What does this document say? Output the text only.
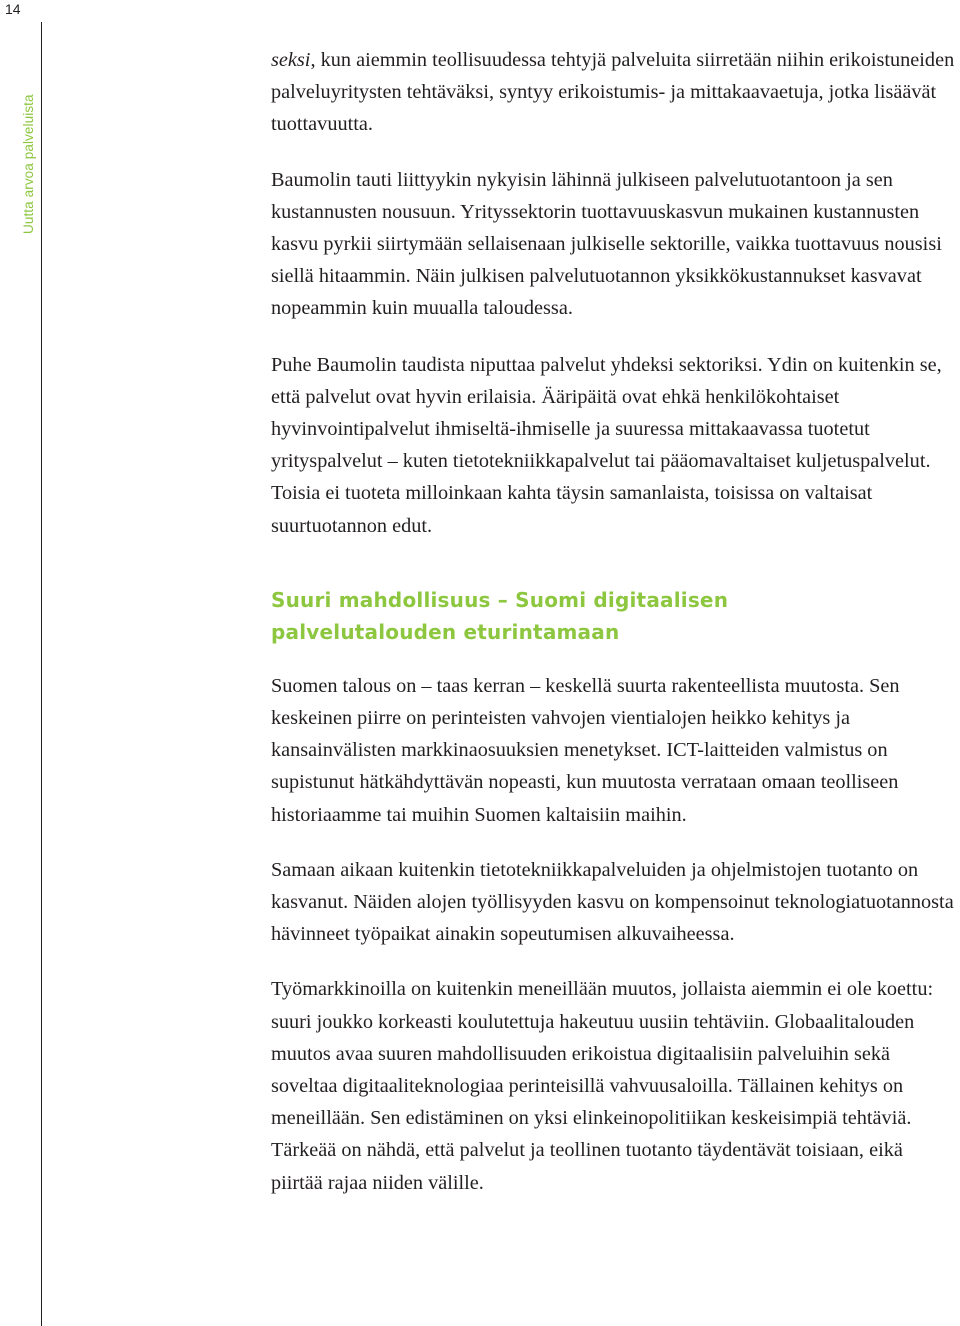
14
Uutta arvoa palveluista

seksi, kun aiemmin teollisuudessa tehtyjä palveluita siirretään niihin erikoistuneiden palveluyritysten tehtäväksi, syntyy erikoistumis- ja mittakaavaetuja, jotka lisäävät tuottavuutta.

Baumolin tauti liittyykin nykyisin lähinnä julkiseen palvelutuotantoon ja sen kustannusten nousuun. Yrityssektorin tuottavuuskasvun mukainen kustannusten kasvu pyrkii siirtymään sellaisenaan julkiselle sektorille, vaikka tuottavuus nousisi siellä hitaammin. Näin julkisen palvelutuotannon yksikkökustannukset kasvavat nopeammin kuin muualla taloudessa.

Puhe Baumolin taudista niputtaa palvelut yhdeksi sektoriksi. Ydin on kuitenkin se, että palvelut ovat hyvin erilaisia. Ääripäitä ovat ehkä henkilökohtaiset hyvinvointipalvelut ihmiseltä-ihmiselle ja suuressa mittakaavassa tuotetut yrityspalvelut – kuten tietotekniikkapalvelut tai pääomavaltaiset kuljetuspalvelut. Toisia ei tuoteta milloinkaan kahta täysin samanlaista, toisissa on valtaisat suurtuotannon edut.

Suuri mahdollisuus – Suomi digitaalisen
palvelutalouden eturintamaan

Suomen talous on – taas kerran – keskellä suurta rakenteellista muutosta. Sen keskeinen piirre on perinteisten vahvojen vientialojen heikko kehitys ja kansainvälisten markkinaosuuksien menetykset. ICT-laitteiden valmistus on supistunut hätkähdyttävän nopeasti, kun muutosta verrataan omaan teolliseen historiaamme tai muihin Suomen kaltaisiin maihin.

Samaan aikaan kuitenkin tietotekniikkapalveluiden ja ohjelmistojen tuotanto on kasvanut. Näiden alojen työllisyyden kasvu on kompensoinut teknologiatuotannosta hävinneet työpaikat ainakin sopeutumisen alkuvaiheessa.

Työmarkkinoilla on kuitenkin meneillään muutos, jollaista aiemmin ei ole koettu: suuri joukko korkeasti koulutettuja hakeutuu uusiin tehtäviin. Globaalitalouden muutos avaa suuren mahdollisuuden erikoistua digitaalisiin palveluihin sekä soveltaa digitaaliteknologiaa perinteisillä vahvuusaloilla. Tällainen kehitys on meneillään. Sen edistäminen on yksi elinkeinopolitiikan keskeisimpiä tehtäviä. Tärkeää on nähdä, että palvelut ja teollinen tuotanto täydentävät toisiaan, eikä piirtää rajaa niiden välille.
